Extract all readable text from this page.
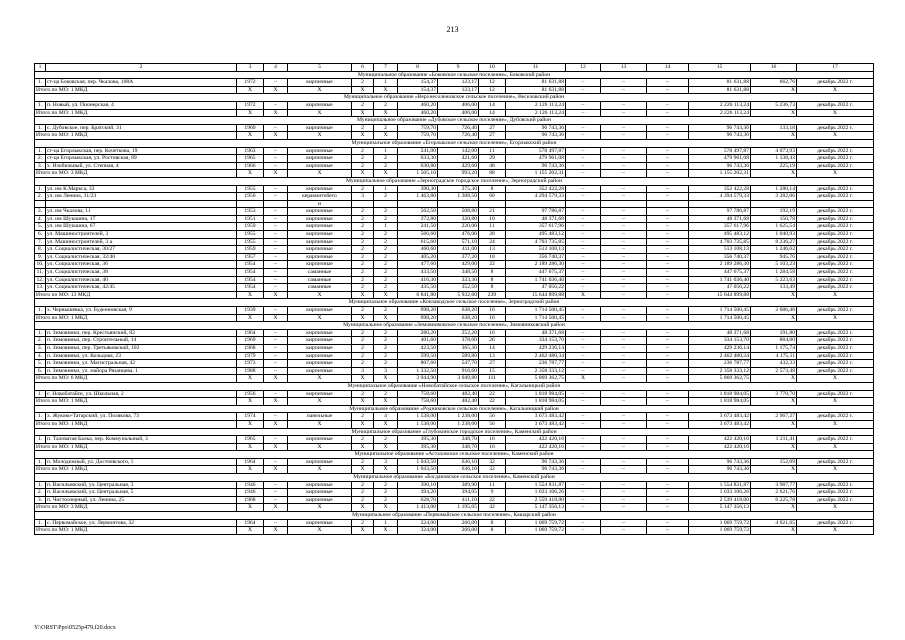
213
1	2	3	4	5	6	7	8	9	10	11	12	13	14	15	16	17
Муниципальное образование «Боковское сельское поселение», Боковский район																
1.	ст-ца Боковская, пер. Чкалова, 108А	1972	–	кирпичные	2	1	154,37	123,17	12	81 631,88	–	–	–	81 631,88	662,76	декабрь 2022 г.
Итого по МО: 1 МКД		X	X	X	X	X	154,37	123,17	12	81 631,88	–	–	–	81 631,88	X	X
Муниципальное образование «Верхнесоленовское сельское поселение», Веселовский район																
1.	п. Новый, ул. Пионерская, 4	1972	–	кирпичные	2	2	460,20	406,00	14	2 126 113,24	–	–	–	2 226 113,24	5 236,73	декабрь 2022 г.
Итого по МО: 1 МКД		X	X	X	X	X	460,20	406,00	14	2 126 113,24	–	–	–	2 226 113,24	X	X
Муниципальное образование «Дубовское сельское поселение», Дубовский район																
1.	с. Дубовское, пер. Братский, 31	1969	–	кирпичные	2	2	759,70	726,40	27	96 743,36	–	–	–	96 743,36	133,18	декабрь 2022 г.
Итого по МО: 1 МКД		X	X	X	X	X	759,70	726,40	27	96 743,36	–	–	–	96 743,36	X	X
Муниципальное образование «Егорлыкское сельское поселение», Егорлыкский район																
1.	ст-ца Егорлыкская, пер. Кочеткова, 19	1963	–	кирпичные	2	1	241,00	142,00	11	578 497,87	–	–	–	578 497,87	4 073,93	декабрь 2022 г.
2.	ст-ца Егорлыкская, ул. Ростовская, 89	1965	–	кирпичные	2	2	633,30	421,60	29	479 961,08	–	–	–	479 961,08	1 138,43	декабрь 2022 г.
3.	х. Изобильный, ул. Степная, 4	1966	–	кирпичные	2	2	630,80	429,60	48	96 743,36	–	–	–	96 743,36	225,19	декабрь 2022 г.
Итого по МО: 3 МКД		X	X	X	X	X	1 505,10	993,20	88	1 155 202,31	–	–	–	1 155 202,31	X	X
Муниципальное образование «Зерноградское городское поселение», Зерноградский район																
1.	ул. им К.Маркса, 33	1955	–	кирпичные	2	1	390,30	275,30	8	352 422,28	–	–	–	352 422,28	1 280,14	декабрь 2022 г.
2.	ул. им Ленина, 31/23	1950	–	керамзитобето	3	2	1 463,80	1 308,50	60	4 294 579,33	–	–	–	4 394 579,33	3 282,06	декабрь 2022 г.
				н												
3.	ул. им Чкалова, 11	1953	–	кирпичные	2	2	562,50	508,80	21	97 786,87	–	–	–	97 786,87	192,19	декабрь 2022 г.
4.	ул. им Шукшина, 17	1951	–	кирпичные	2	2	372,80	320,80	10	48 371,68	–	–	–	48 371,68	150,78	декабрь 2022 г.
5.	ул. им Шукшина, 67	1959	–	кирпичные	2	1	241,50	220,00	11	357 617,96	–	–	–	357 617,96	1 625,54	декабрь 2022 г.
6.	ул. Машиностроителей, 3	1955	–	кирпичные	2	2	566,60	476,00	28	495 483,12	–	–	–	495 483,12	1 040,93	декабрь 2022 г.
7.	ул. Машиностроителей, 3 а	1955	–	кирпичные	2	2	615,60	571,10	24	4 703 735,85	–	–	–	4 703 735,85	8 236,27	декабрь 2022 г.
8.	ул. Социалистическая, 30/27	1959	–	кирпичные	2	2	460,60	411,00	13	513 108,13	–	–	–	513 108,13	1 246,62	декабрь 2022 г.
9.	ул. Социалистическая, 32/40	1957	–	кирпичные	2	2	405,20	377,20	18	356 740,37	–	–	–	356 740,37	945,76	декабрь 2022 г.
10.	ул. Социалистическая, 36	1954	–	кирпичные	2	2	477,60	429,00	22	2 189 286,30	–	–	–	2 189 286,30	5 103,23	декабрь 2022 г.
11.	ул. Социалистическая, 38	1954	–	саманные	2	2	433,50	348,50	8	447 675,37	–	–	–	447 675,37	1 284,58	декабрь 2022 г.
12.	ул. Социалистическая, 40	1954	–	саманные	2	2	416,30	333,30	8	1 741 036,40	–	–	–	1 741 036,40	5 223,63	декабрь 2022 г.
13.	ул. Социалистическая, 42/45	1954	–	саманные	2	2	435,50	352,50	8	47 056,22	–	–	–	47 056,22	133,49	декабрь 2022 г.
Итого по МО: 13 МКД		X	X	X	X	X	6 841,80	5 932,60	239	15 644 899,88	X	–	–	15 644 899,88	X	X
Муниципальное образование «Конзаводское сельское поселение», Зерноградский район																
1.	х. Чернышевка, ул. Буденновская, 9	1939	–	кирпичные	2	2	698,20	638,20	16	1 714 500,45	–	–	–	1 714 500,45	2 686,46	декабрь 2022 г.
Итого по МО: 1 МКД		X	X	X	X	X	698,20	638,20	16	1 714 500,45	–	–	–	1 714 500,45	X	X
Муниципальное образование «Зимовниковское сельское поселение», Зимовниковский район																
1.	п. Зимовники, пер. Крестьянский, 82	1964	–	кирпичные	2	2	280,20	252,20	16	48 371,68	–	–	–	48 371,68	191,80	декабрь 2022 г.
2.	п. Зимовники, пер. Строительный, 14	1969	–	кирпичные	2	2	401,60	378,00	26	334 153,70	–	–	–	334 153,70	884,00	декабрь 2022 г.
3.	п. Зимовники, пер. Третьяковский, 102	1968	–	кирпичные	2	2	423,50	365,30	14	429 236,14	–	–	–	429 236,14	1 175,74	декабрь 2022 г.
4.	п. Зимовники, ул. Кольцова, 23	1979	–	кирпичные	2	2	599,50	589,80	13	2 462 480,34	–	–	–	2 462 480,34	4 175,11	декабрь 2022 г.
5.	п. Зимовники, ул. Магистральная, 42	1973	–	кирпичные	2	2	807,60	547,70	27	236 787,77	–	–	–	236 787,77	432,33	декабрь 2022 г.
6.	п. Зимовники, ул. майора Рязанцева, 1	1988	–	кирпичные	3	3	1 332,50	916,60	15	2 358 333,12	–	–	–	2 358 333,12	2 573,48	декабрь 2022 г.
Итого по МО: 6 МКД		X	X	X	X	X	3 944,90	3 049,80	111	5 869 362,75	X	–	–	5 869 362,75	X	X
Муниципальное образование «Новобатайское сельское поселение», Кагальницкий район																
1.	с. Новобатайск, ул. Школьная, 2	1956	–	кирпичные	2	2	758,60	482,40	22	1 818 984,05	–	–	–	1 818 984,05	3 770,70	декабрь 2022 г.
Итого по МО: 1 МКД		X	X	X	X	X	758,60	482,40	22	1 818 984,05	–	–	–	1 818 984,05	X	X
Муниципальное образование «Родниковское сельское поселение», Кагальницкий район																
1.	х. Жуково-Татарский, ул. Полякова, 73	1974	–	панельные	2	4	1 538,00	1 238,00	56	3 673 483,42	–	–	–	3 673 483,42	2 967,27	декабрь 2022 г.
Итого по МО: 1 МКД		X	X	X	X	X	1 538,00	1 238,00	56	3 673 483,42	–	–	–	3 673 483,42	X	X
Муниципальное образование «Глубокинское городское поселение», Каменский район																
1.	п. Таловатая Балка, пер. Коммунальный, 3	1965	–	кирпичные	2	2	395,30	348,70	16	422 420,16	–	–	–	422 420,16	1 211,41	декабрь 2022 г.
Итого по МО: 1 МКД		X	X	X	X	X	395,30	348,70	16	422 420,16	–	–	–	422 420,16	X	X
Муниципальное образование «Астаховское сельское поселение», Каменский район																
1.	п. Молодежный, ул. Достоевского, 1	1964	–	кирпичные	2	3	1 043,50	636,10	32	96 743,36	–	–	–	96 743,36	152,09	декабрь 2022 г.
Итого по МО: 1 МКД		X	X	X	X	X	1 043,50	636,10	32	96 743,36	–	–	–	96 743,36	X	X
Муниципальное образование «Богдановское сельское поселение», Каменский район																
1.	п. Васильевский, ул. Центральная, 3	1946	–	кирпичные	2	2	390,10	389,90	11	1 554 831,87	–	–	–	1 554 831,87	3 987,77	декабрь 2022 г.
2.	п. Васильевский, ул. Центральная, 5	1946	–	кирпичные	2	2	394,20	394,05	9	1 033 106,26	–	–	–	1 033 106,26	2 621,76	декабрь 2022 г.
3.	п. Чистоозерный, ул. Ленина, 25	1968	–	кирпичные	2	2	628,70	411,10	22	2 559 418,00	–	–	–	2 539 418,00	6 225,78	декабрь 2022 г.
Итого по МО: 3 МКД		X	X	X	X	X	1 413,00	1 195,05	42	5 147 356,13	–	–	–	5 147 356,13	X	X
Муниципальное образование «Первомайское сельское поселение», Кашарский район																
1.	с. Первомайское, ул. Лермонтова, 32	1964	–	кирпичные	2	1	324,00	266,00	8	1 069 759,72	–	–	–	1 069 759,72	4 021,65	декабрь 2022 г.
Итого по МО: 1 МКД		X	X	X	X	X	324,00	266,00	8	1 069 759,72	–	–	–	1 069 759,72	X	X
Y:\ORST\Ppo\0525p479.f20.docx
